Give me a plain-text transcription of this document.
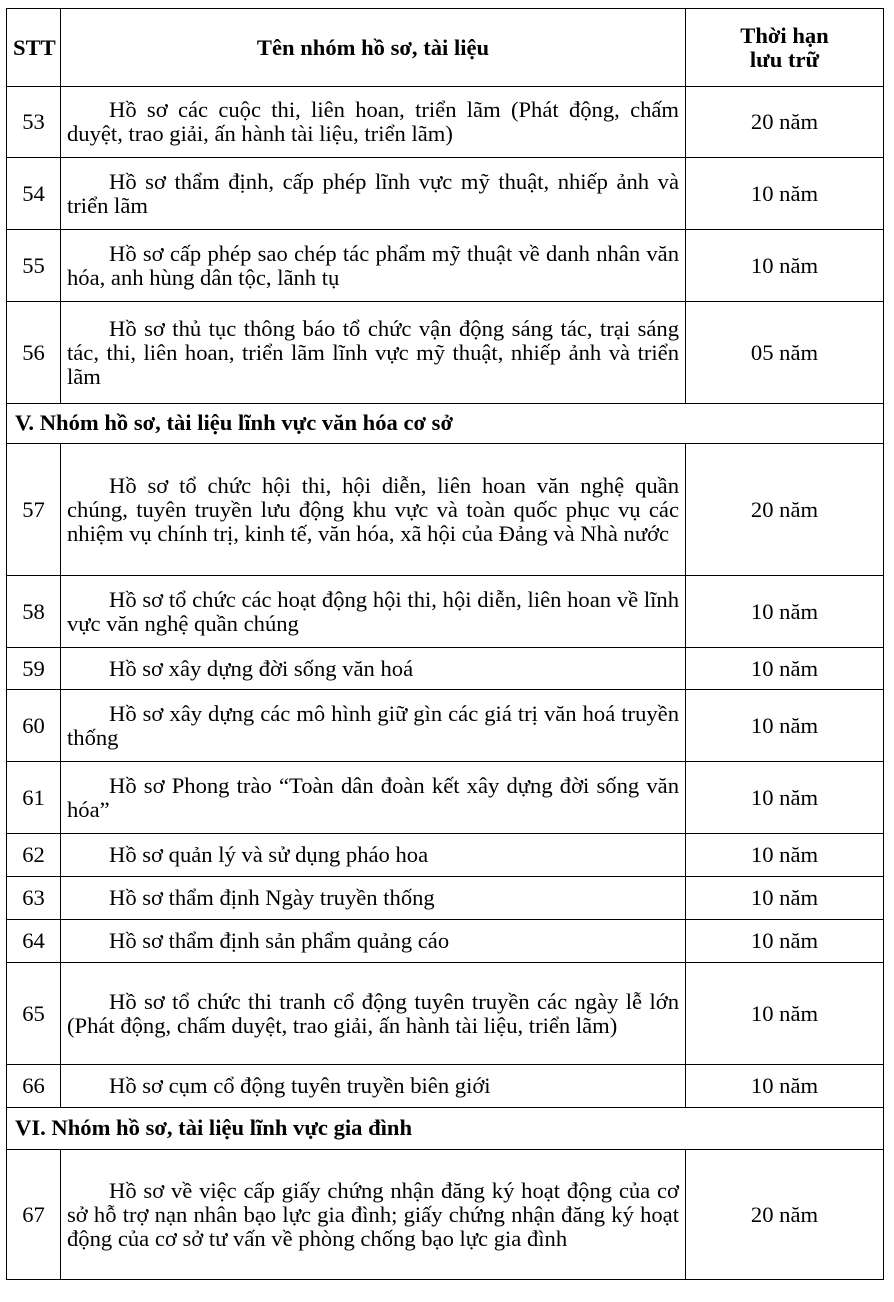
STT	Tên nhóm hồ sơ, tài liệu	Thời hạn
lưu trữ

53	Hồ sơ các cuộc thi, liên hoan, triển lãm (Phát động, chấm duyệt, trao giải, ấn hành tài liệu, triển lãm)	20 năm
54	Hồ sơ thẩm định, cấp phép lĩnh vực mỹ thuật, nhiếp ảnh và triển lãm	10 năm
55	Hồ sơ cấp phép sao chép tác phẩm mỹ thuật về danh nhân văn hóa, anh hùng dân tộc, lãnh tụ	10 năm
56	Hồ sơ thủ tục thông báo tổ chức vận động sáng tác, trại sáng tác, thi, liên hoan, triển lãm lĩnh vực mỹ thuật, nhiếp ảnh và triển lãm	05 năm
V. Nhóm hồ sơ, tài liệu lĩnh vực văn hóa cơ sở		
57	Hồ sơ tổ chức hội thi, hội diễn, liên hoan văn nghệ quần chúng, tuyên truyền lưu động khu vực và toàn quốc phục vụ các nhiệm vụ chính trị, kinh tế, văn hóa, xã hội của Đảng và Nhà nước	20 năm
58	Hồ sơ tổ chức các hoạt động hội thi, hội diễn, liên hoan về lĩnh vực văn nghệ quần chúng	10 năm
59	Hồ sơ xây dựng đời sống văn hoá	10 năm
60	Hồ sơ xây dựng các mô hình giữ gìn các giá trị văn hoá truyền thống	10 năm
61	Hồ sơ Phong trào “Toàn dân đoàn kết xây dựng đời sống văn hóa”	10 năm
62	Hồ sơ quản lý và sử dụng pháo hoa	10 năm
63	Hồ sơ thẩm định Ngày truyền thống	10 năm
64	Hồ sơ thẩm định sản phẩm quảng cáo	10 năm
65	Hồ sơ tổ chức thi tranh cổ động tuyên truyền các ngày lễ lớn (Phát động, chấm duyệt, trao giải, ấn hành tài liệu, triển lãm)	10 năm
66	Hồ sơ cụm cổ động tuyên truyền biên giới	10 năm
VI. Nhóm hồ sơ, tài liệu lĩnh vực gia đình		
67	Hồ sơ về việc cấp giấy chứng nhận đăng ký hoạt động của cơ sở hỗ trợ nạn nhân bạo lực gia đình; giấy chứng nhận đăng ký hoạt động của cơ sở tư vấn về phòng chống bạo lực gia đình	20 năm
